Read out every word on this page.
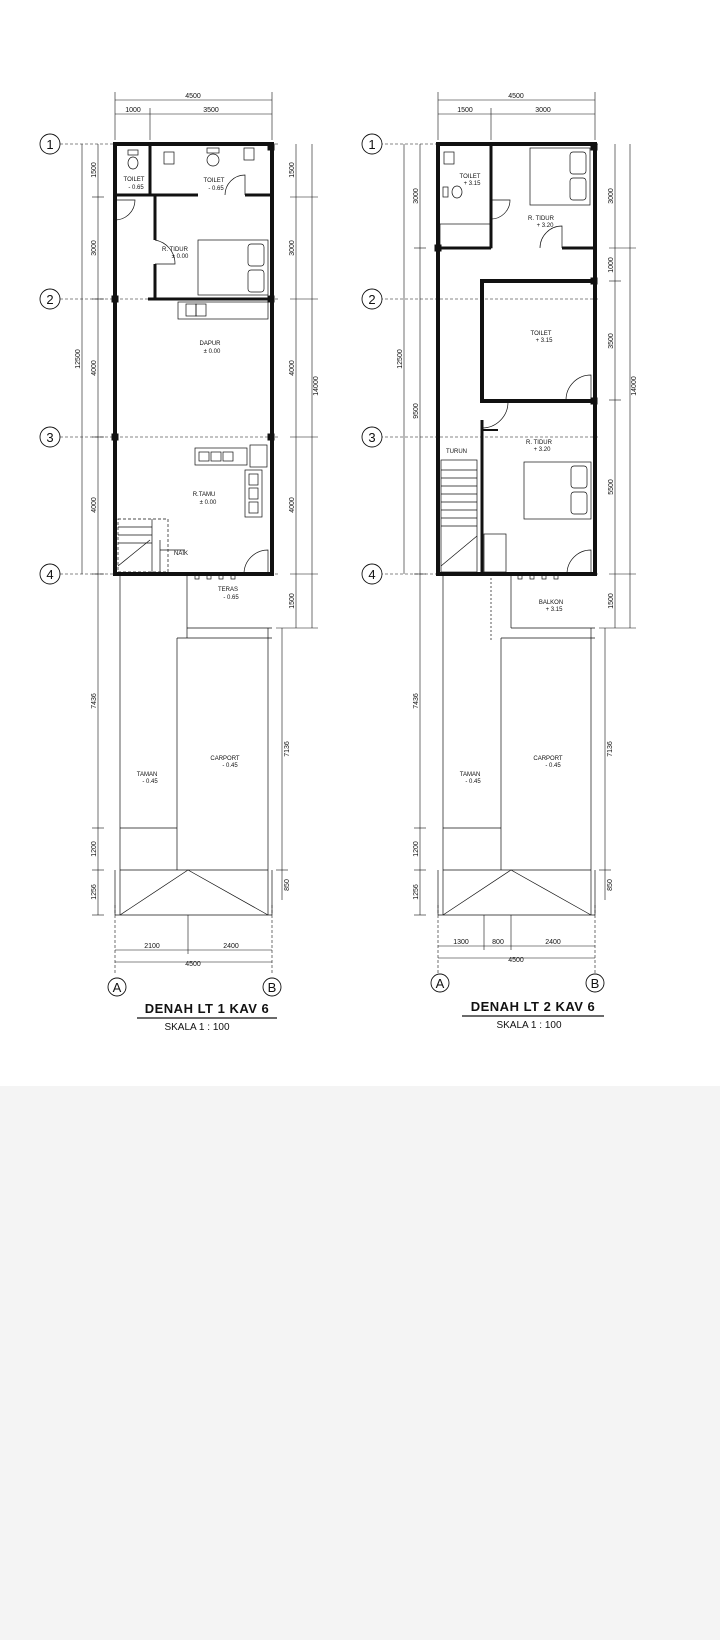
1
2
3
4
A	B
4500
1000	3500
12500
1500
3000
4000
4000
7436
1200
1256
1500
3000
4000
4000
1500
14000
7136
850
2100	2400
4500
TOILET
- 0.65
TOILET
- 0.65
R. TIDUR
± 0.00
DAPUR
± 0.00
R.TAMU
± 0.00
NAIK
TERAS
- 0.65
TAMAN
- 0.45
CARPORT
- 0.45
DENAH LT 1 KAV 6
SKALA 1 : 100
1
2
3
4
A	B
4500
1500	3000
12500
3000
9500
7436
1200
1256
3000
1000
3500
5500
1500
14000
7136
850
1300	800	2400
4500
TOILET
+ 3.15
R. TIDUR
+ 3.20
TOILET
+ 3.15
R. TIDUR
+ 3.20
TURUN
BALKON
+ 3.15
TAMAN
- 0.45
CARPORT
- 0.45
DENAH LT 2 KAV 6
SKALA 1 : 100
